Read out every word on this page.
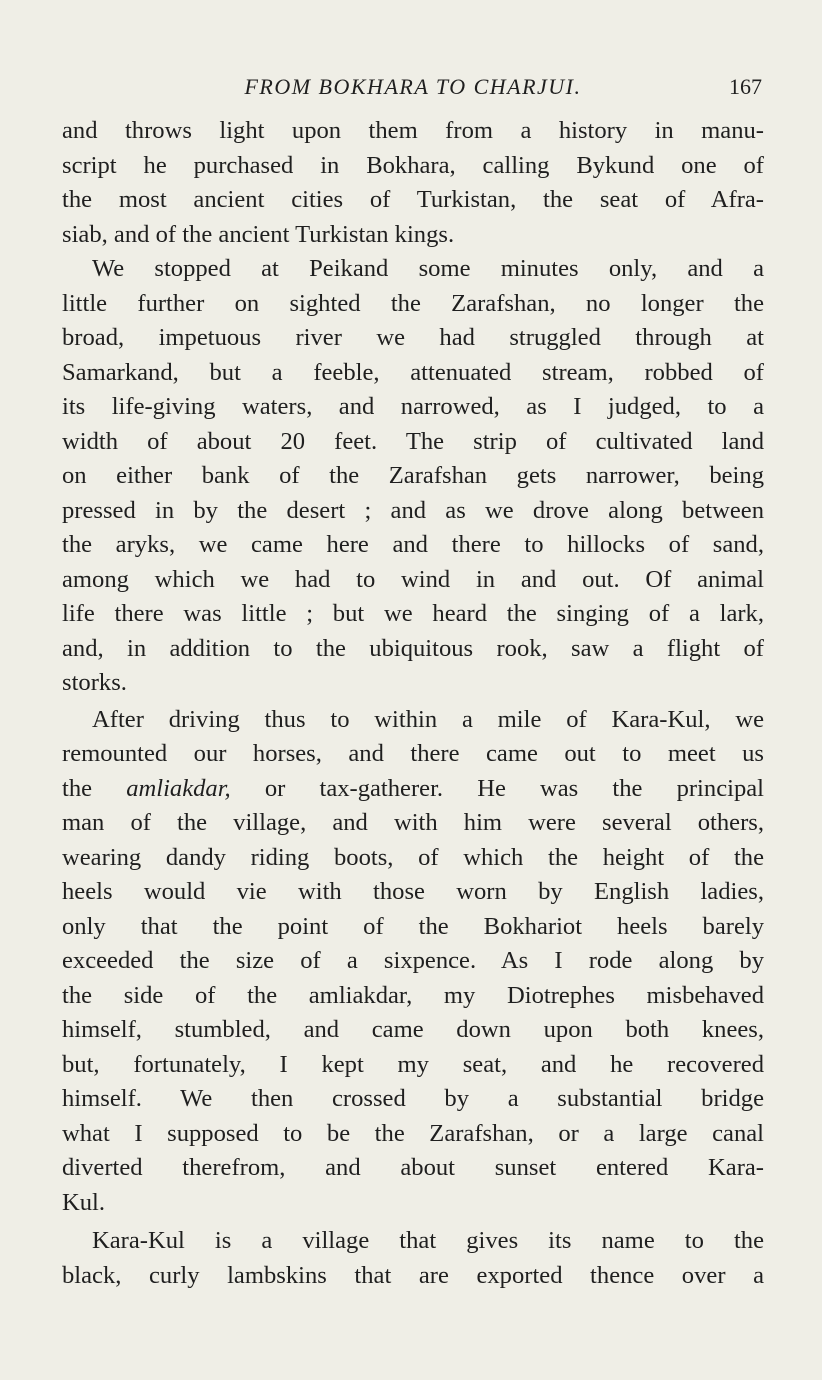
FROM BOKHARA TO CHARJUI.	167
and throws light upon them from a history in manu-
script he purchased in Bokhara, calling Bykund one of
the most ancient cities of Turkistan, the seat of Afra-
siab, and of the ancient Turkistan kings.
We stopped at Peikand some minutes only, and a
little further on sighted the Zarafshan, no longer the
broad, impetuous river we had struggled through at
Samarkand, but a feeble, attenuated stream, robbed of
its life-giving waters, and narrowed, as I judged, to a
width of about 20 feet. The strip of cultivated land
on either bank of the Zarafshan gets narrower, being
pressed in by the desert ; and as we drove along between
the aryks, we came here and there to hillocks of sand,
among which we had to wind in and out. Of animal
life there was little ; but we heard the singing of a lark,
and, in addition to the ubiquitous rook, saw a flight of
storks.
After driving thus to within a mile of Kara-Kul, we
remounted our horses, and there came out to meet us
the amliakdar, or tax-gatherer. He was the principal
man of the village, and with him were several others,
wearing dandy riding boots, of which the height of the
heels would vie with those worn by English ladies,
only that the point of the Bokhariot heels barely
exceeded the size of a sixpence. As I rode along by
the side of the amliakdar, my Diotrephes misbehaved
himself, stumbled, and came down upon both knees,
but, fortunately, I kept my seat, and he recovered
himself. We then crossed by a substantial bridge
what I supposed to be the Zarafshan, or a large canal
diverted therefrom, and about sunset entered Kara-
Kul.
Kara-Kul is a village that gives its name to the
black, curly lambskins that are exported thence over a
